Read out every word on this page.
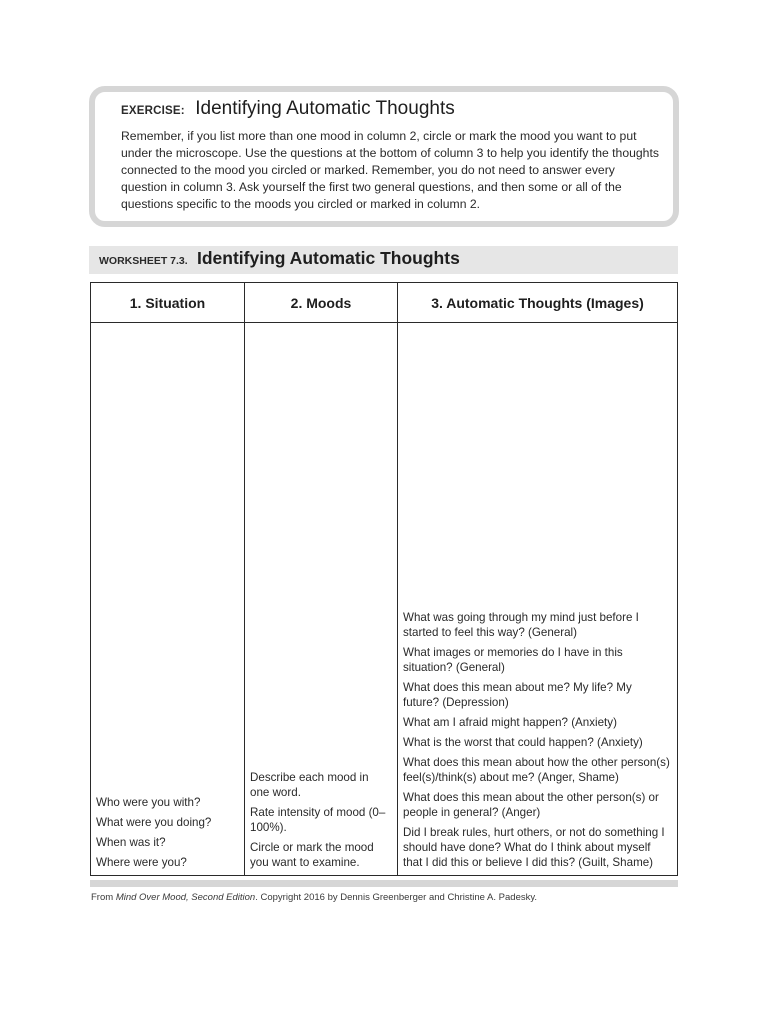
EXERCISE: Identifying Automatic Thoughts

Remember, if you list more than one mood in column 2, circle or mark the mood you want to put under the microscope. Use the questions at the bottom of column 3 to help you identify the thoughts connected to the mood you circled or marked. Remember, you do not need to answer every question in column 3. Ask yourself the first two general questions, and then some or all of the questions specific to the moods you circled or marked in column 2.

WORKSHEET 7.3. Identifying Automatic Thoughts
1. Situation
Who were you with?
What were you doing?
When was it?
Where were you?
2. Moods
Describe each mood in one word.
Rate intensity of mood (0–100%).
Circle or mark the mood you want to examine.
3. Automatic Thoughts (Images)
What was going through my mind just before I started to feel this way? (General)
What images or memories do I have in this situation? (General)
What does this mean about me? My life? My future? (Depression)
What am I afraid might happen? (Anxiety)
What is the worst that could happen? (Anxiety)
What does this mean about how the other person(s) feel(s)/think(s) about me? (Anger, Shame)
What does this mean about the other person(s) or people in general? (Anger)
Did I break rules, hurt others, or not do something I should have done? What do I think about myself that I did this or believe I did this? (Guilt, Shame)
From Mind Over Mood, Second Edition. Copyright 2016 by Dennis Greenberger and Christine A. Padesky.
